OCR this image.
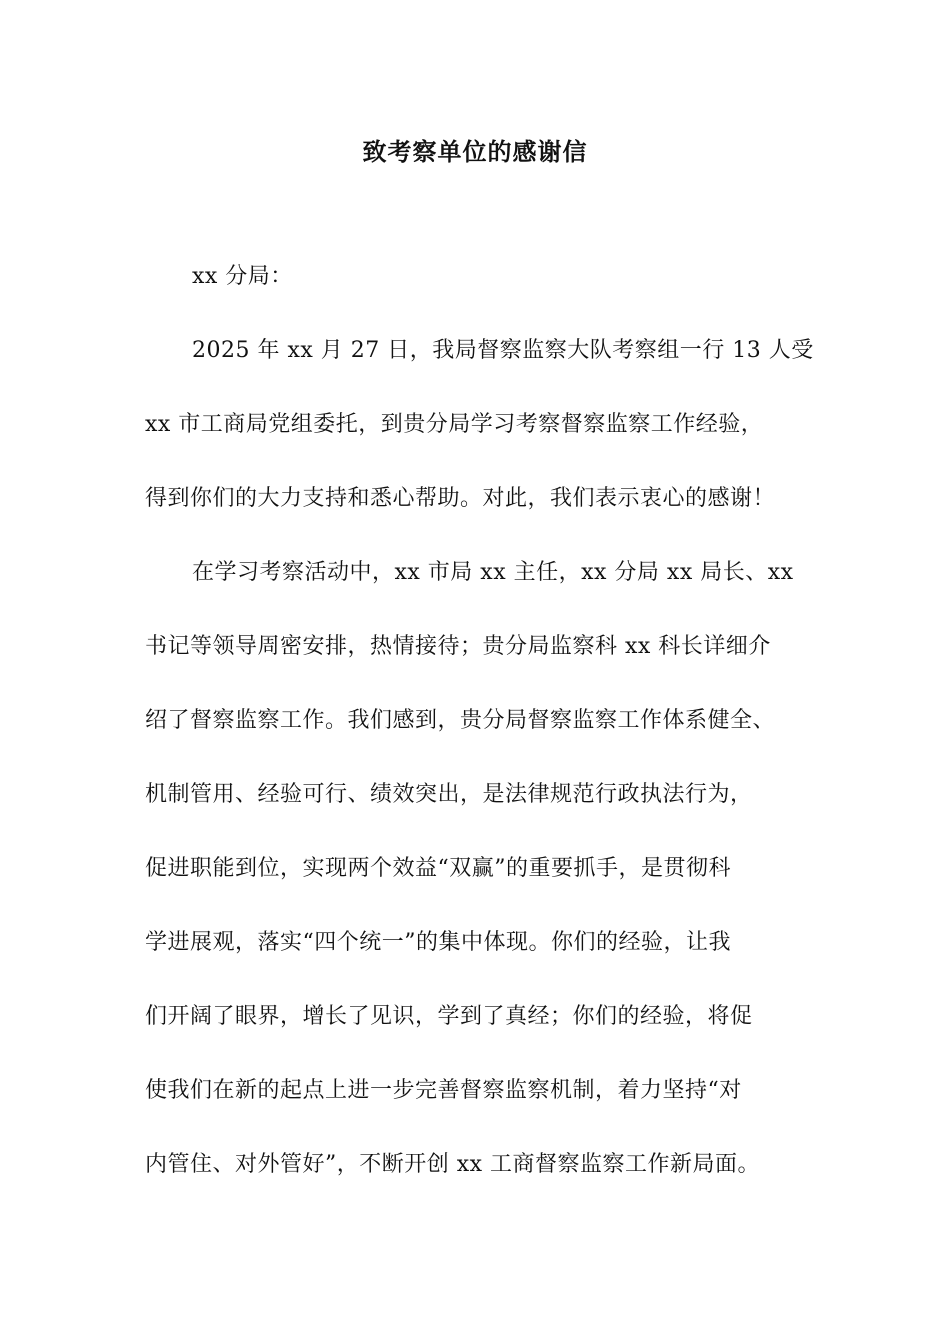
致考察单位的感谢信
xx 分局：
2025 年 xx 月 27 日，我局督察监察大队考察组一行 13 人受
xx 市工商局党组委托，到贵分局学习考察督察监察工作经验，
得到你们的大力支持和悉心帮助。对此，我们表示衷心的感谢！
在学习考察活动中，xx 市局 xx 主任，xx 分局 xx 局长、xx
书记等领导周密安排，热情接待；贵分局监察科 xx 科长详细介
绍了督察监察工作。我们感到，贵分局督察监察工作体系健全、
机制管用、经验可行、绩效突出，是法律规范行政执法行为，
促进职能到位，实现两个效益“双赢”的重要抓手，是贯彻科
学进展观，落实“四个统一”的集中体现。你们的经验，让我
们开阔了眼界，增长了见识，学到了真经；你们的经验，将促
使我们在新的起点上进一步完善督察监察机制，着力坚持“对
内管住、对外管好”，不断开创 xx 工商督察监察工作新局面。
